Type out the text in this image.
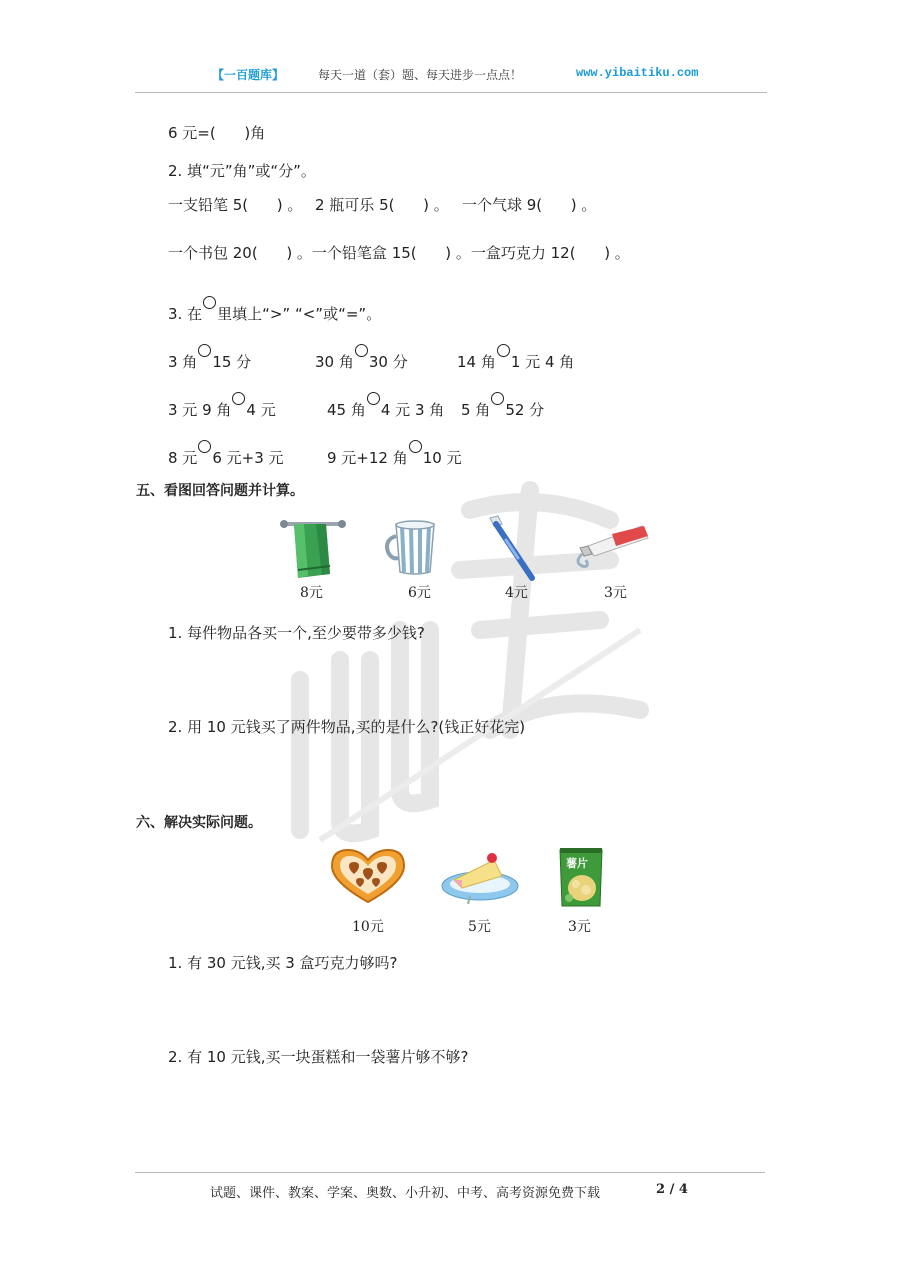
【一百题库】	每天一道（套）题、每天进步一点点！	www.yibaitiku.com
6 元=(      )角
2. 填“元”角”或“分”。
一支铅笔 5(      ) 。 2 瓶可乐 5(      ) 。 一个气球 9(      ) 。
一个书包 20(      ) 。一个铅笔盒 15(      ) 。一盒巧克力 12(      ) 。
3. 在 里填上“>” “<”或“=”。
3 角 15 分	30 角 30 分	14 角 1 元 4 角
3 元 9 角 4 元	45 角 4 元 3 角 5 角 52 分
8 元 6 元+3 元	9 元+12 角 10 元
五、看图回答问题并计算。
8元	6元	4元	3元
1. 每件物品各买一个,至少要带多少钱?
2. 用 10 元钱买了两件物品,买的是什么?(钱正好花完)
六、解决实际问题。
10元	5元
薯片
3元
1. 有 30 元钱,买 3 盒巧克力够吗?
2. 有 10 元钱,买一块蛋糕和一袋薯片够不够?
试题、课件、教案、学案、奥数、小升初、中考、高考资源免费下载	2 / 4
